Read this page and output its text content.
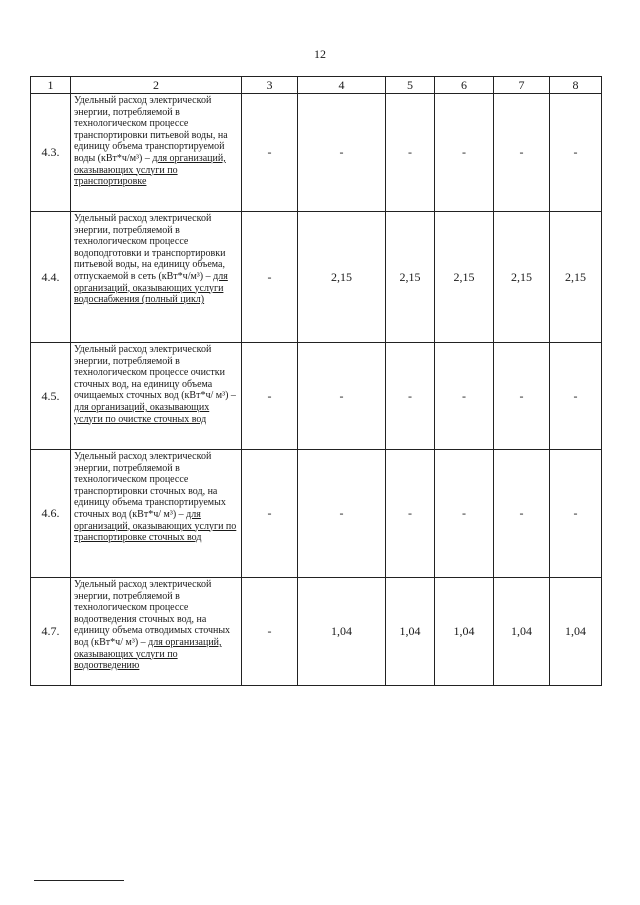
12
1	2	3	4	5	6	7	8
4.3.	Удельный расход электрической энергии, потребляемой в технологическом процессе транспортировки питьевой воды, на единицу объема транспортируемой воды (кВт*ч/м³) – для организаций, оказывающих услуги по транспортировке	-	-	-	-	-	-
4.4.	Удельный расход электрической энергии, потребляемой в технологическом процессе водоподготовки и транспортировки питьевой воды, на единицу объема, отпускаемой в сеть (кВт*ч/м³) – для организаций, оказывающих услуги водоснабжения (полный цикл)	-	2,15	2,15	2,15	2,15	2,15
4.5.	Удельный расход электрической энергии, потребляемой в технологическом процессе очистки сточных вод, на единицу объема очищаемых сточных вод (кВт*ч/ м³) – для организаций, оказывающих услуги по очистке сточных вод	-	-	-	-	-	-
4.6.	Удельный расход электрической энергии, потребляемой в технологическом процессе транспортировки сточных вод, на единицу объема транспортируемых сточных вод (кВт*ч/ м³) – для организаций, оказывающих услуги по транспортировке сточных вод	-	-	-	-	-	-
4.7.	Удельный расход электрической энергии, потребляемой в технологическом процессе водоотведения сточных вод, на единицу объема отводимых сточных вод (кВт*ч/ м³) – для организаций, оказывающих услуги по водоотведению	-	1,04	1,04	1,04	1,04	1,04
